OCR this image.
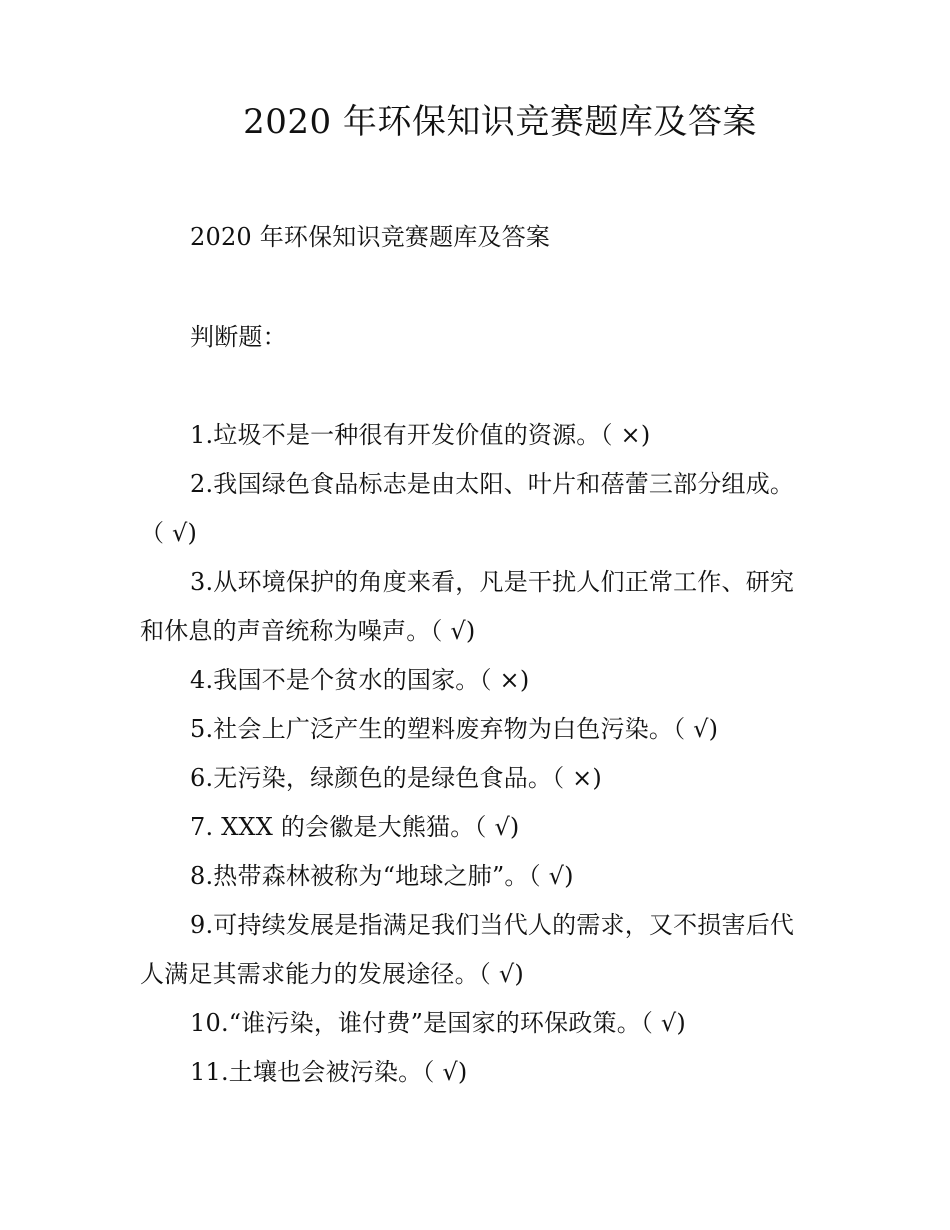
2020 年环保知识竞赛题库及答案
2020 年环保知识竞赛题库及答案
判断题：
1.垃圾不是一种很有开发价值的资源。（ ×)
2.我国绿色食品标志是由太阳、叶片和蓓蕾三部分组成。
（ √)
3.从环境保护的角度来看，凡是干扰人们正常工作、研究
和休息的声音统称为噪声。（ √)
4.我国不是个贫水的国家。（ ×)
5.社会上广泛产生的塑料废弃物为白色污染。（ √)
6.无污染，绿颜色的是绿色食品。（ ×)
7. XXX 的会徽是大熊猫。（ √)
8.热带森林被称为“地球之肺”。（ √)
9.可持续发展是指满足我们当代人的需求，又不损害后代
人满足其需求能力的发展途径。（ √)
10.“谁污染，谁付费”是国家的环保政策。（ √)
11.土壤也会被污染。（ √)
